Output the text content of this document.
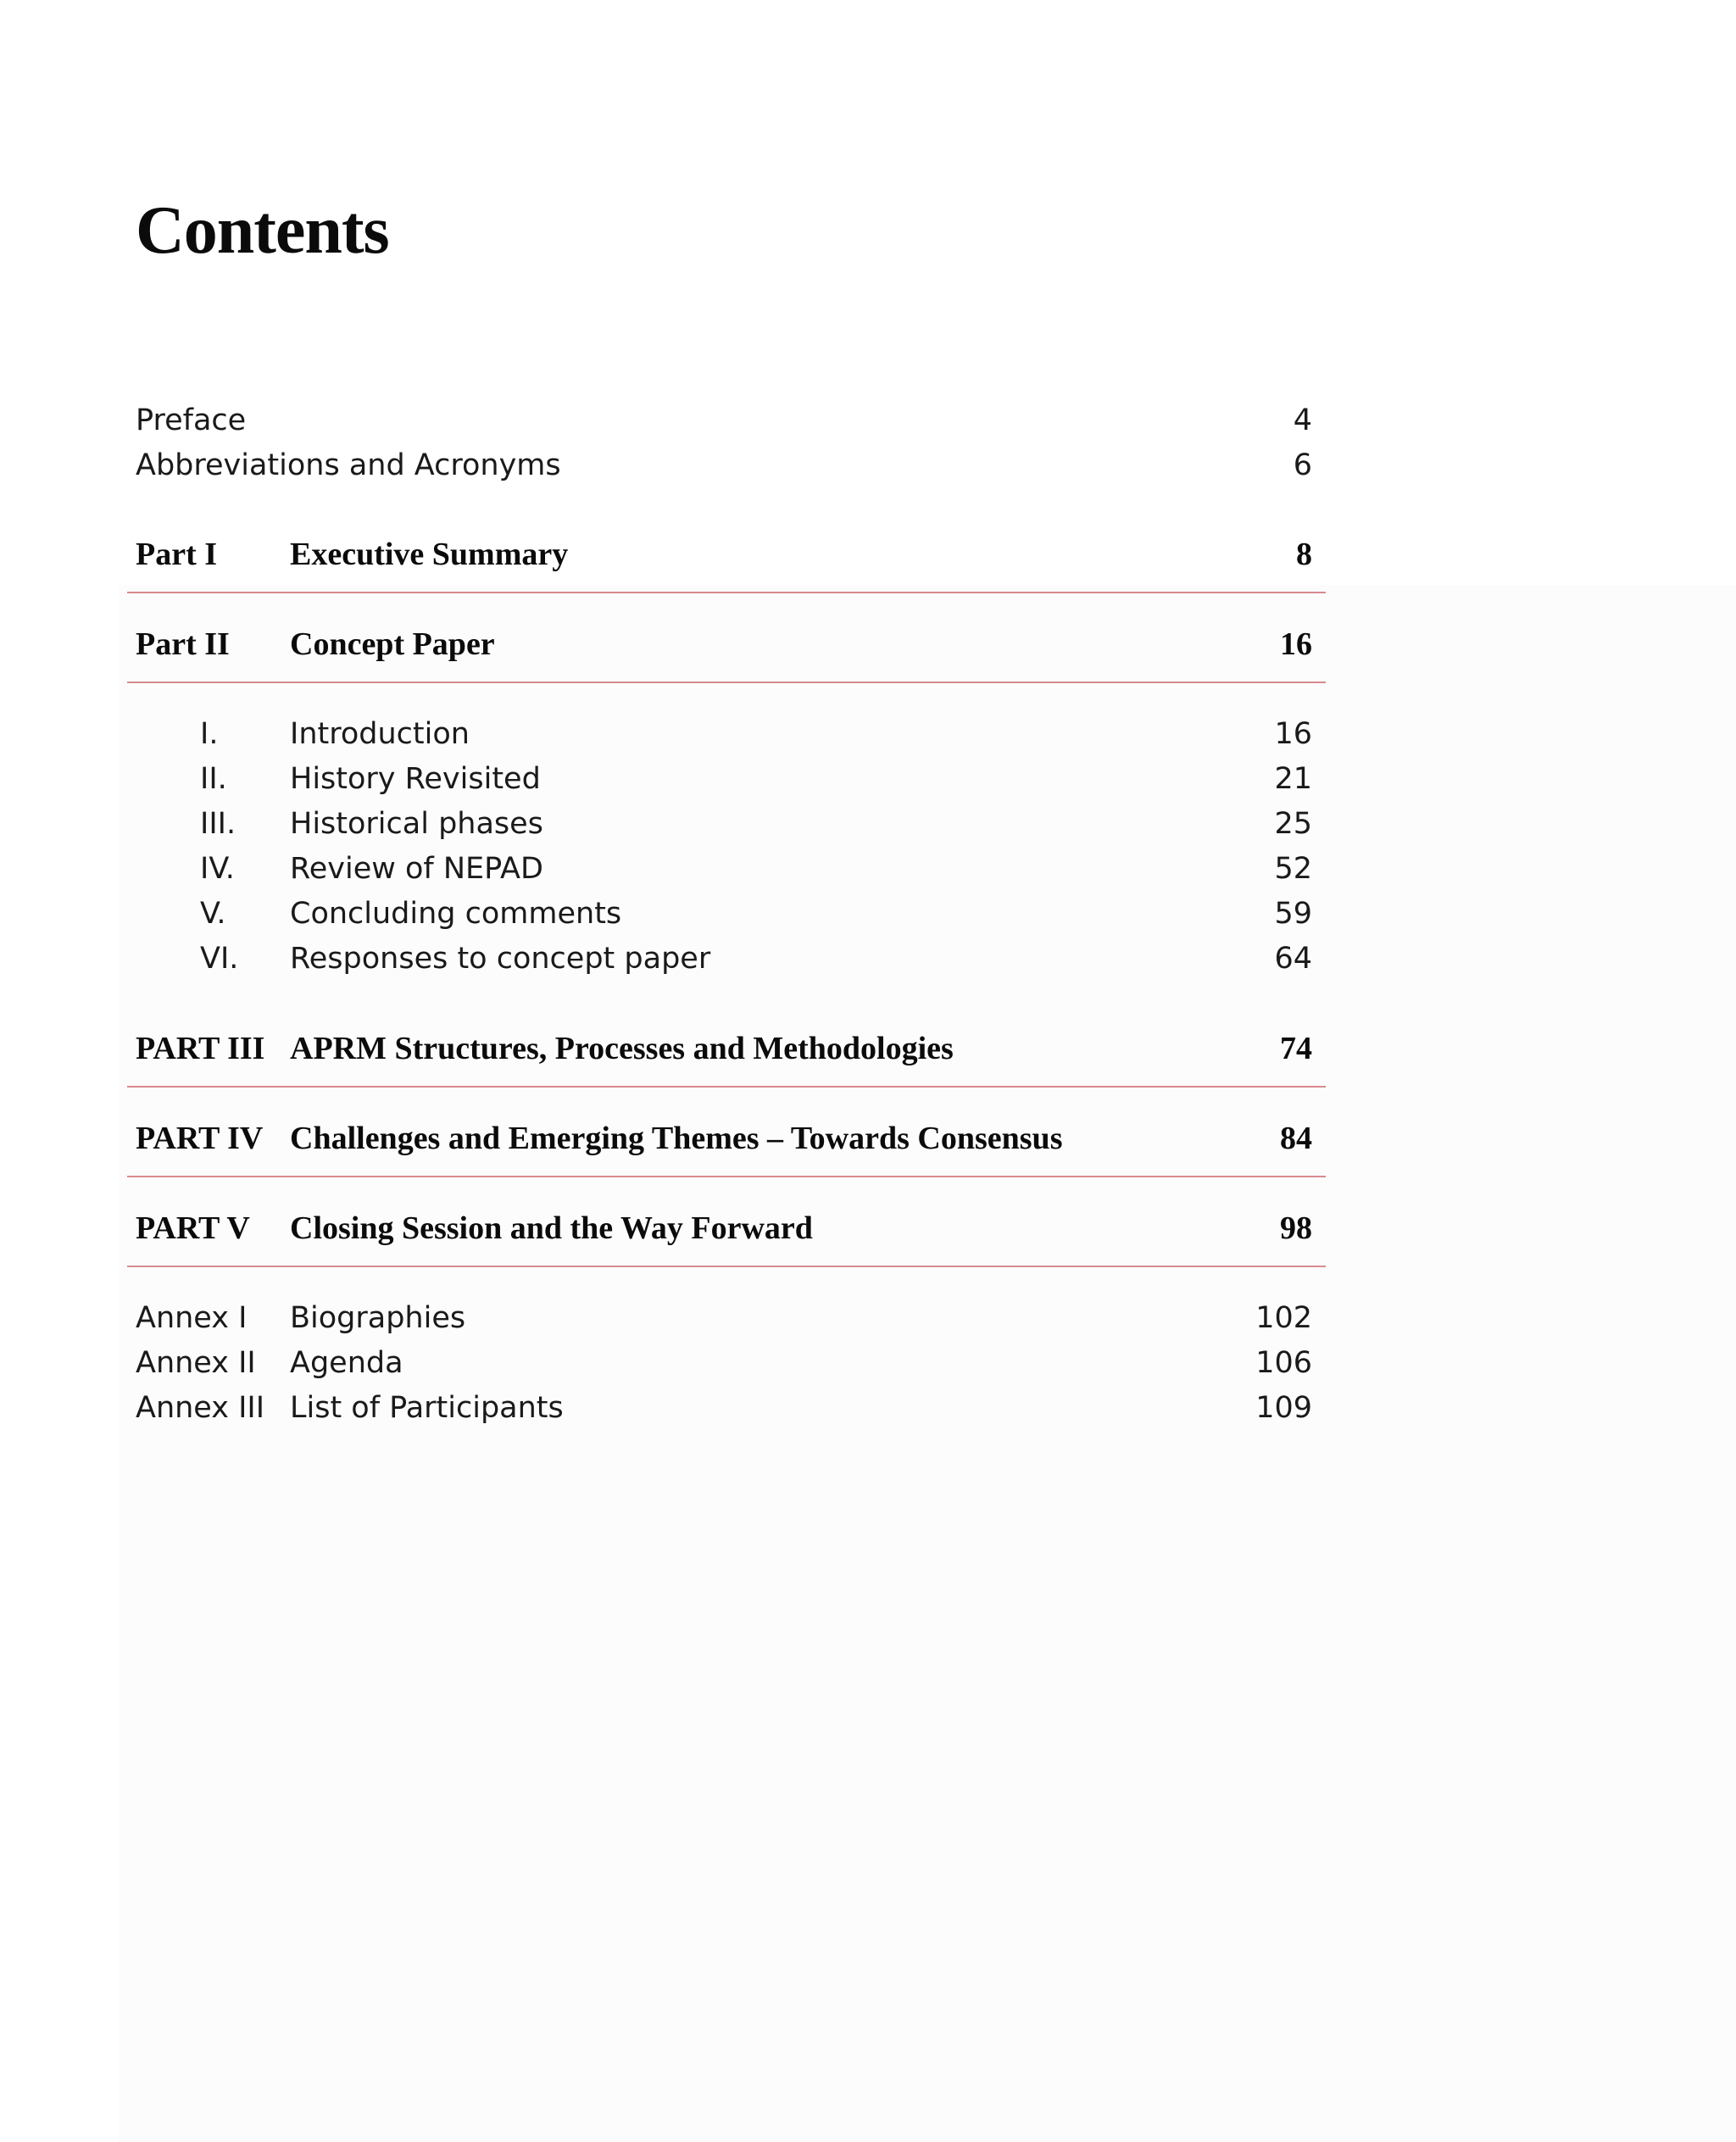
Contents
Preface	4
Abbreviations and Acronyms	6
Part I Executive Summary	8
Part II Concept Paper	16
I. Introduction	16
II. History Revisited	21
III. Historical phases	25
IV. Review of NEPAD	52
V. Concluding comments	59
VI. Responses to concept paper	64
PART III APRM Structures, Processes and Methodologies	74
PART IV Challenges and Emerging Themes – Towards Consensus	84
PART V Closing Session and the Way Forward	98
Annex I Biographies	102
Annex II Agenda	106
Annex III List of Participants	109
